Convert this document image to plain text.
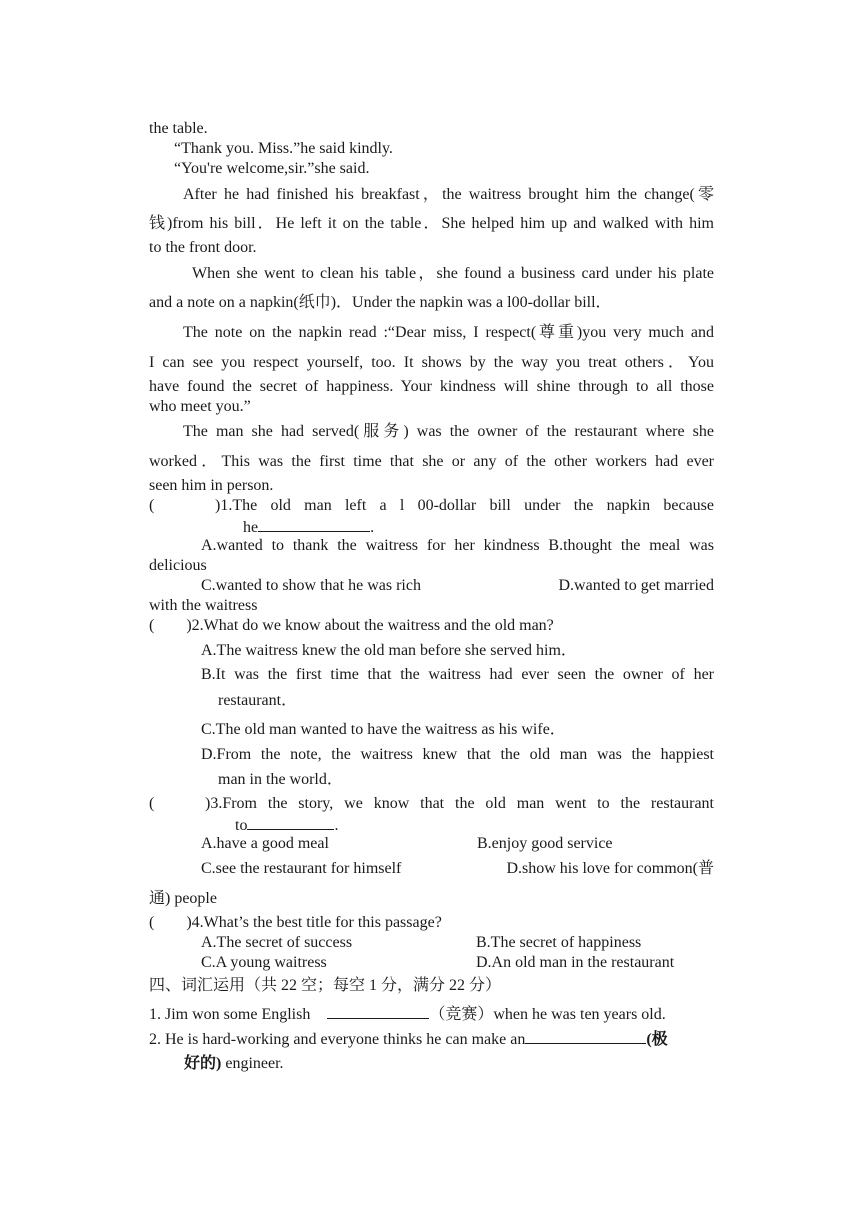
the table.

“Thank you. Miss.”he said kindly.

“You're welcome,sir.”she said.

After he had finished his breakfast，the waitress brought him the change(零

钱)from his bill．He left it on the table．She helped him up and walked with him

to the front door.

When she went to clean his table，she found a business card under his plate

and a note on a napkin(纸巾)．Under the napkin was a l00-dollar bill．

The note on the napkin read :“Dear miss, I respect(尊重)you very much and

I can see you respect yourself, too. It shows by the way you treat others．You

have found the secret of happiness. Your kindness will shine through to all those

who meet you.”

The man she had served(服务) was the owner of the restaurant where she

worked．This was the first time that she or any of the other workers had ever

seen him in person.

(	)1.The old man left a l 00-dollar bill under the napkin because

he	.

A.wanted to thank the waitress for her kindness B.thought the meal was

delicious

C.wanted to show that he was rich	D.wanted to get married

with the waitress

(        )2.What do we know about the waitress and the old man?

A.The waitress knew the old man before she served him．

B.It was the first time that the waitress had ever seen the owner of her

restaurant．
C.The old man wanted to have the waitress as his wife．

D.From the note, the waitress knew that the old man was the happiest

man in the world．
(	)3.From the story, we know that the old man went to the restaurant

to	.
A.have a good meal	B.enjoy good service
C.see the restaurant for himself	D.show his love for common(普

通) people

(        )4.What’s the best title for this passage?

A.The secret of success	B.The secret of happiness
C.A young waitress	D.An old man in the restaurant

四、词汇运用（共 22 空；每空 1 分，满分 22 分）

1. Jim won some English	（竞赛）when he was ten years old.
2. He is hard-working and everyone thinks he can make an	(极
好的) engineer.
